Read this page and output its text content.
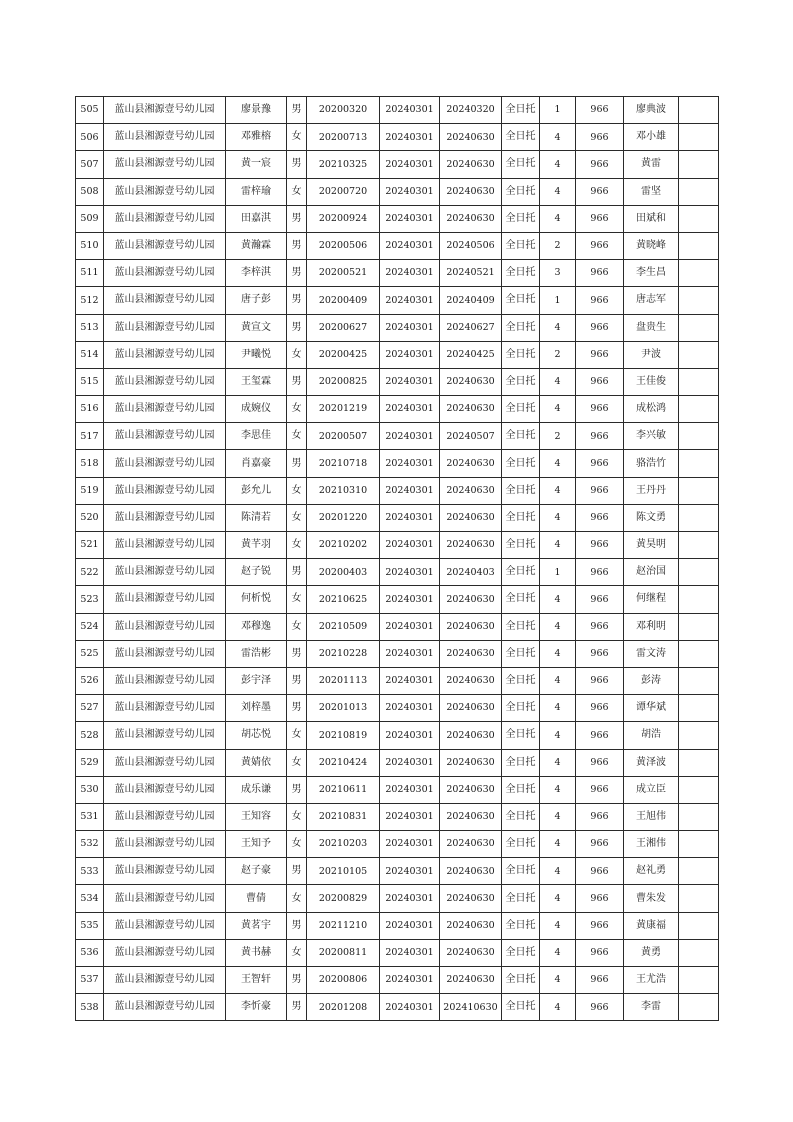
505	蓝山县湘源壹号幼儿园	廖景豫	男	20200320	20240301	20240320	全日托	1	966	廖典波	
506	蓝山县湘源壹号幼儿园	邓雅榕	女	20200713	20240301	20240630	全日托	4	966	邓小雄	
507	蓝山县湘源壹号幼儿园	黄一宸	男	20210325	20240301	20240630	全日托	4	966	黄雷	
508	蓝山县湘源壹号幼儿园	雷梓瑜	女	20200720	20240301	20240630	全日托	4	966	雷坚	
509	蓝山县湘源壹号幼儿园	田嘉淇	男	20200924	20240301	20240630	全日托	4	966	田斌和	
510	蓝山县湘源壹号幼儿园	黄瀚霖	男	20200506	20240301	20240506	全日托	2	966	黄晓峰	
511	蓝山县湘源壹号幼儿园	李梓淇	男	20200521	20240301	20240521	全日托	3	966	李生昌	
512	蓝山县湘源壹号幼儿园	唐子彭	男	20200409	20240301	20240409	全日托	1	966	唐志军	
513	蓝山县湘源壹号幼儿园	黄宣文	男	20200627	20240301	20240627	全日托	4	966	盘贵生	
514	蓝山县湘源壹号幼儿园	尹曦悦	女	20200425	20240301	20240425	全日托	2	966	尹波	
515	蓝山县湘源壹号幼儿园	王玺霖	男	20200825	20240301	20240630	全日托	4	966	王佳俊	
516	蓝山县湘源壹号幼儿园	成婉仪	女	20201219	20240301	20240630	全日托	4	966	成松鸿	
517	蓝山县湘源壹号幼儿园	李思佳	女	20200507	20240301	20240507	全日托	2	966	李兴敏	
518	蓝山县湘源壹号幼儿园	肖嘉豪	男	20210718	20240301	20240630	全日托	4	966	骆浩竹	
519	蓝山县湘源壹号幼儿园	彭允儿	女	20210310	20240301	20240630	全日托	4	966	王丹丹	
520	蓝山县湘源壹号幼儿园	陈清若	女	20201220	20240301	20240630	全日托	4	966	陈文勇	
521	蓝山县湘源壹号幼儿园	黄芊羽	女	20210202	20240301	20240630	全日托	4	966	黄昊明	
522	蓝山县湘源壹号幼儿园	赵子锐	男	20200403	20240301	20240403	全日托	1	966	赵治国	
523	蓝山县湘源壹号幼儿园	何析悦	女	20210625	20240301	20240630	全日托	4	966	何继程	
524	蓝山县湘源壹号幼儿园	邓穆逸	女	20210509	20240301	20240630	全日托	4	966	邓利明	
525	蓝山县湘源壹号幼儿园	雷浩彬	男	20210228	20240301	20240630	全日托	4	966	雷文涛	
526	蓝山县湘源壹号幼儿园	彭宇泽	男	20201113	20240301	20240630	全日托	4	966	彭涛	
527	蓝山县湘源壹号幼儿园	刘梓墨	男	20201013	20240301	20240630	全日托	4	966	谭华斌	
528	蓝山县湘源壹号幼儿园	胡芯悦	女	20210819	20240301	20240630	全日托	4	966	胡浩	
529	蓝山县湘源壹号幼儿园	黄婧依	女	20210424	20240301	20240630	全日托	4	966	黄泽波	
530	蓝山县湘源壹号幼儿园	成乐谦	男	20210611	20240301	20240630	全日托	4	966	成立臣	
531	蓝山县湘源壹号幼儿园	王知容	女	20210831	20240301	20240630	全日托	4	966	王旭伟	
532	蓝山县湘源壹号幼儿园	王知予	女	20210203	20240301	20240630	全日托	4	966	王湘伟	
533	蓝山县湘源壹号幼儿园	赵子豪	男	20210105	20240301	20240630	全日托	4	966	赵礼勇	
534	蓝山县湘源壹号幼儿园	曹倩	女	20200829	20240301	20240630	全日托	4	966	曹朱发	
535	蓝山县湘源壹号幼儿园	黄茗宇	男	20211210	20240301	20240630	全日托	4	966	黄康福	
536	蓝山县湘源壹号幼儿园	黄书赫	女	20200811	20240301	20240630	全日托	4	966	黄勇	
537	蓝山县湘源壹号幼儿园	王智轩	男	20200806	20240301	20240630	全日托	4	966	王尤浩	
538	蓝山县湘源壹号幼儿园	李忻豪	男	20201208	20240301	202410630	全日托	4	966	李雷	
